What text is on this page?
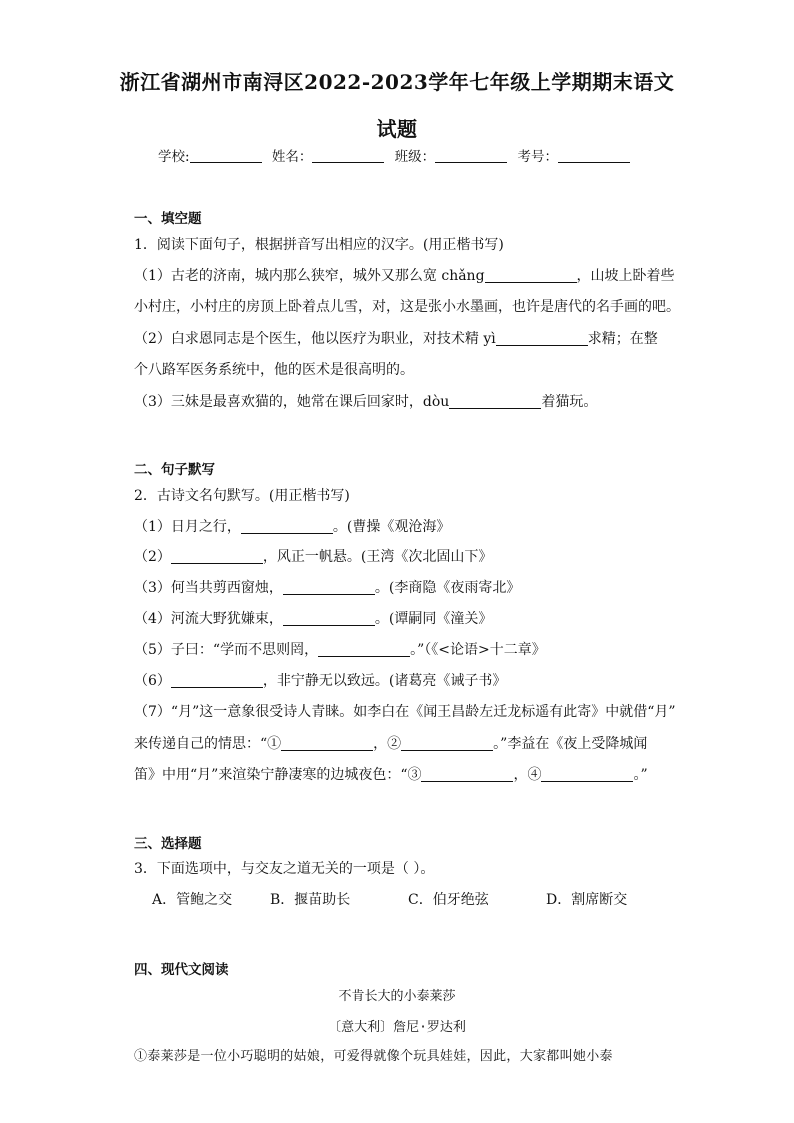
浙江省湖州市南浔区2022-2023学年七年级上学期期末语文
试题
学校:	姓名：	班级：	考号：
一、填空题
1．阅读下面句子，根据拼音写出相应的汉字。(用正楷书写)
（1）古老的济南，城内那么狭窄，城外又那么宽 chǎng	，山坡上卧着些
小村庄，小村庄的房顶上卧着点儿雪，对，这是张小水墨画，也许是唐代的名手画的吧。
（2）白求恩同志是个医生，他以医疗为职业，对技术精 yì	求精；在整
个八路军医务系统中，他的医术是很高明的。
（3）三妹是最喜欢猫的，她常在课后回家时，dòu	着猫玩。
二、句子默写
2．古诗文名句默写。(用正楷书写)
（1）日月之行，	。(曹操《观沧海》
（2）	，风正一帆悬。(王湾《次北固山下》
（3）何当共剪西窗烛，	。(李商隐《夜雨寄北》
（4）河流大野犹嫌束，	。(谭嗣同《潼关》
（5）子曰：“学而不思则罔，	。”（《<论语>十二章》
（6）	，非宁静无以致远。(诸葛亮《诫子书》
（7）“月”这一意象很受诗人青睐。如李白在《闻王昌龄左迁龙标遥有此寄》中就借“月”
来传递自己的情思：“①	，②	。”李益在《夜上受降城闻
笛》中用“月”来渲染宁静凄寒的边城夜色：“③	，④	。”
三、选择题
3．下面选项中，与交友之道无关的一项是（ ）。
A．管鲍之交	B．揠苗助长	C．伯牙绝弦	D．割席断交
四、现代文阅读
不肯长大的小泰莱莎
〔意大利〕詹尼·罗达利
①泰莱莎是一位小巧聪明的姑娘，可爱得就像个玩具娃娃，因此，大家都叫她小泰
